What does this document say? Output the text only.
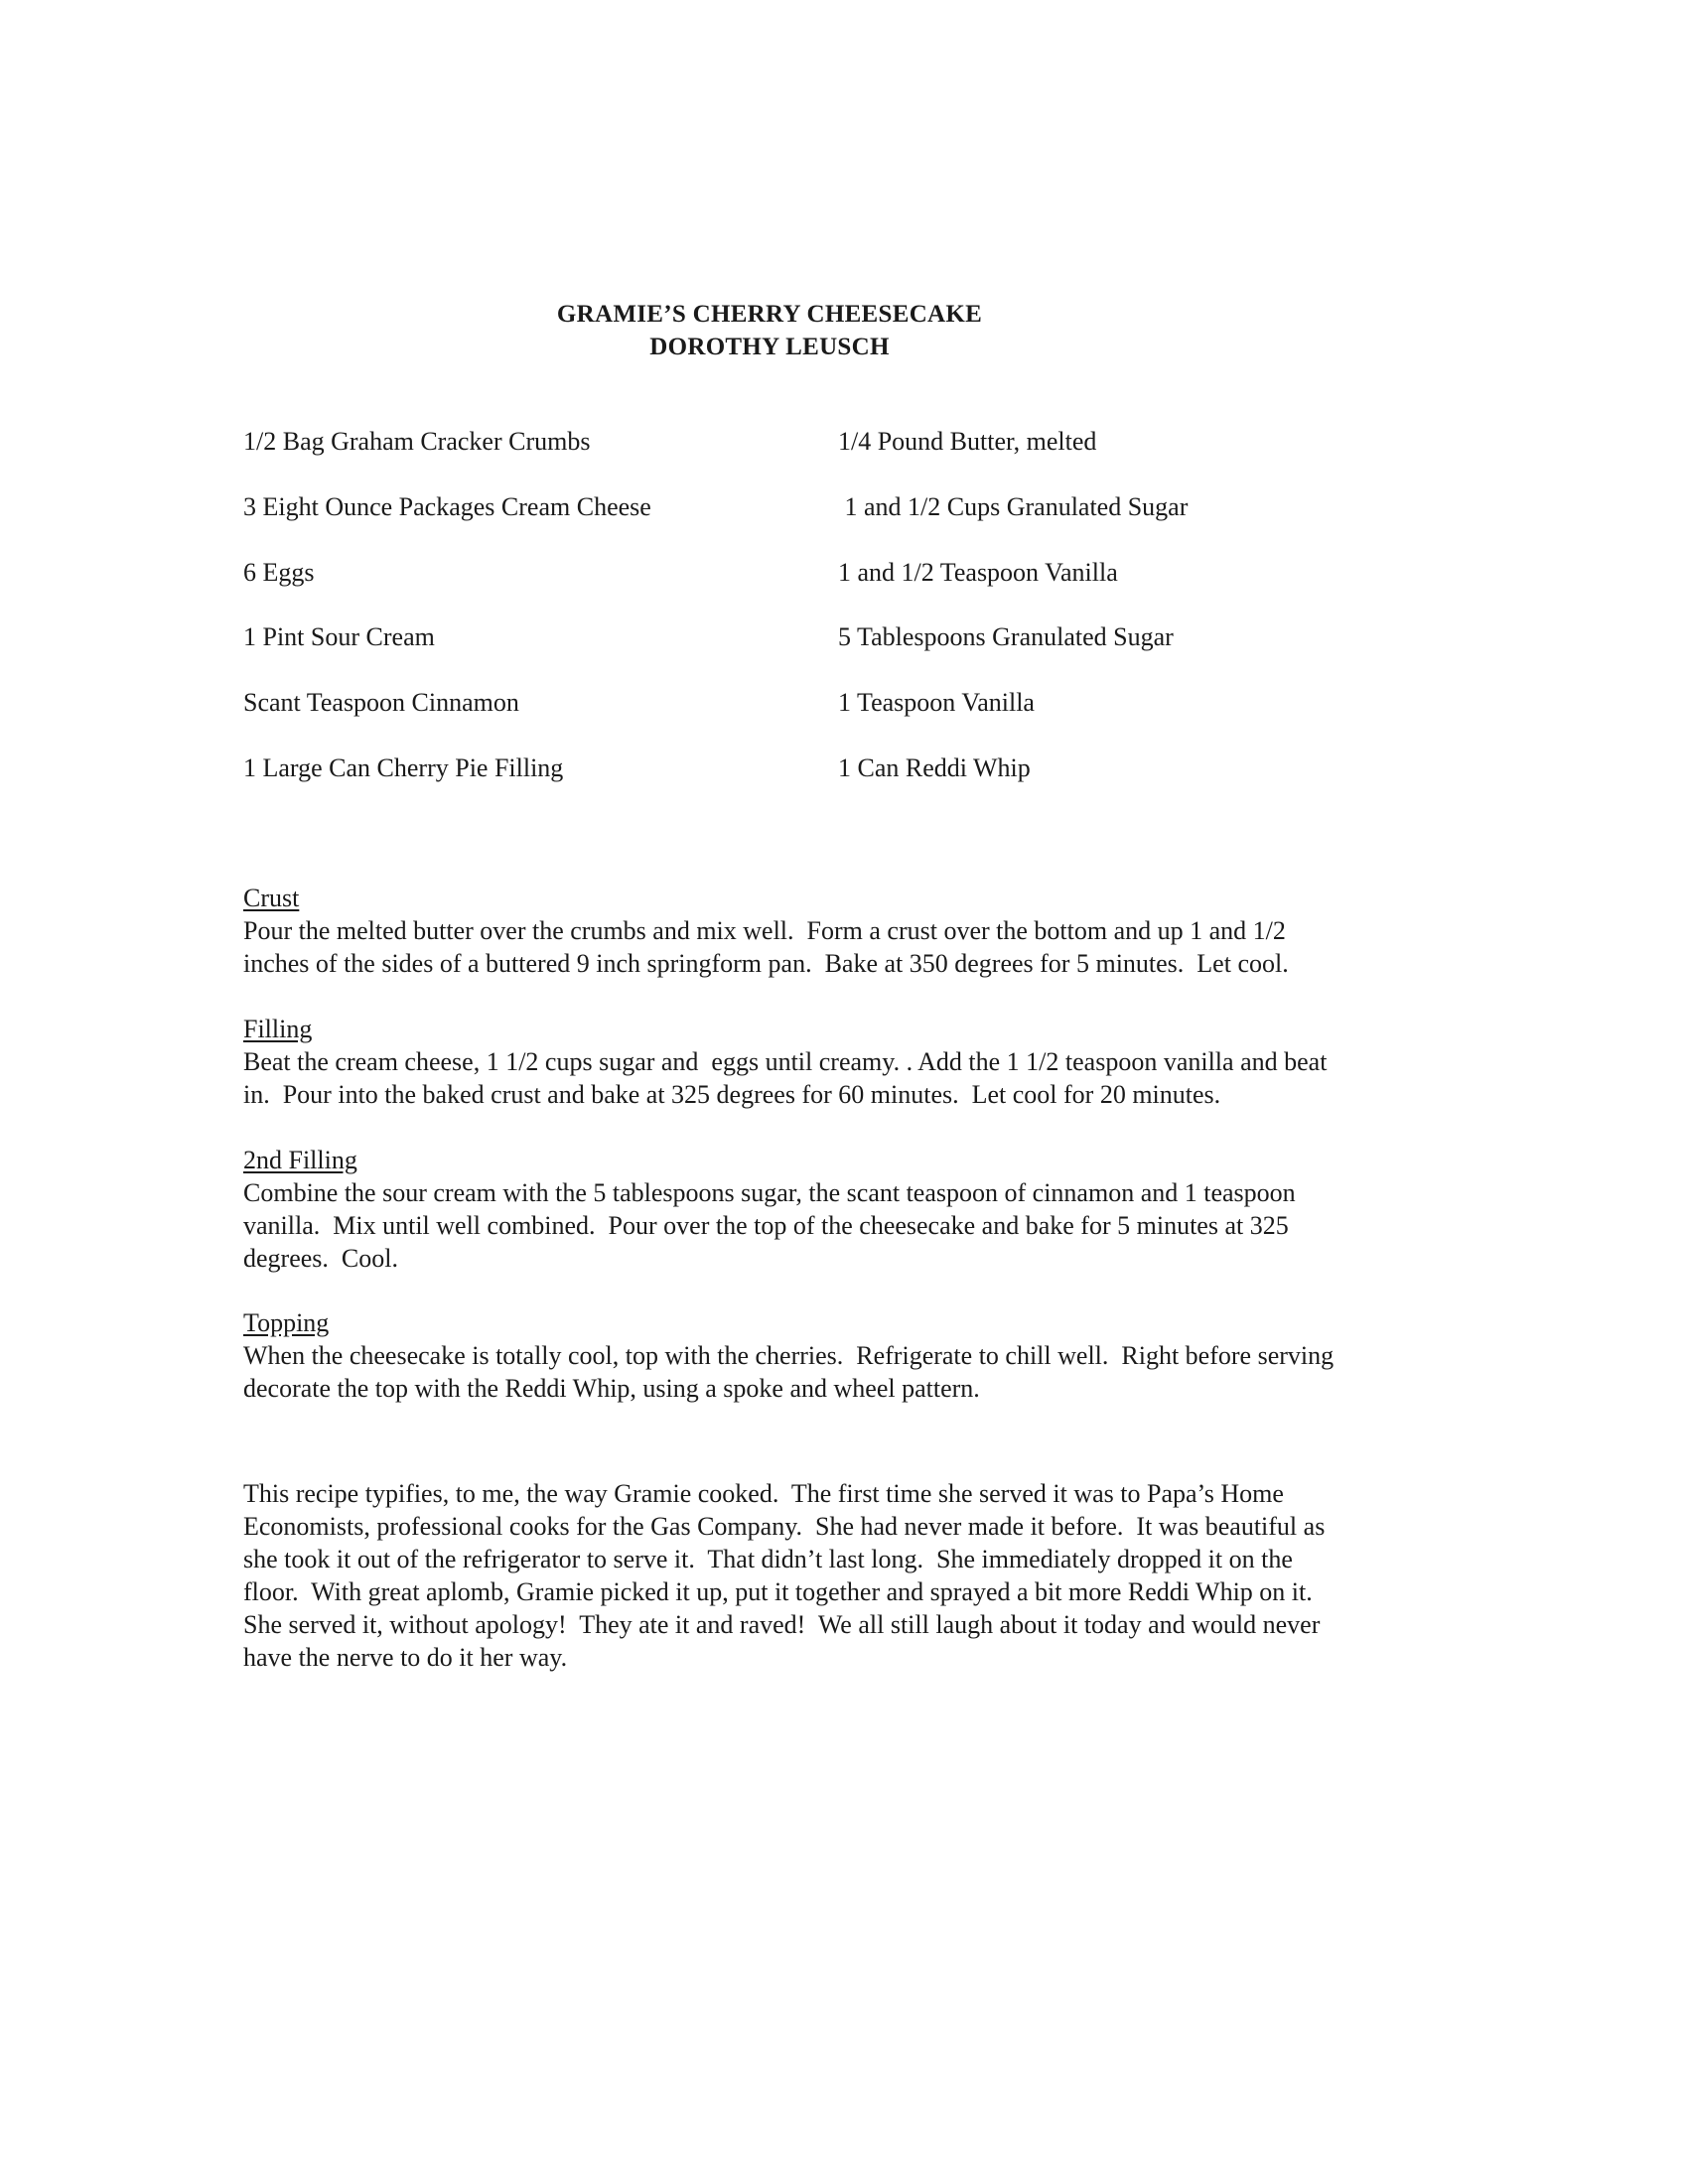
GRAMIE’S CHERRY CHEESECAKE
DOROTHY LEUSCH
1/2 Bag Graham Cracker Crumbs	1/4 Pound Butter, melted
3 Eight Ounce Packages Cream Cheese	1 and 1/2 Cups Granulated Sugar
6 Eggs	1 and 1/2 Teaspoon Vanilla
1 Pint Sour Cream	5 Tablespoons Granulated Sugar
Scant Teaspoon Cinnamon	1 Teaspoon Vanilla
1 Large Can Cherry Pie Filling	1 Can Reddi Whip
Crust
Pour the melted butter over the crumbs and mix well.  Form a crust over the bottom and up 1 and 1/2
inches of the sides of a buttered 9 inch springform pan.  Bake at 350 degrees for 5 minutes.  Let cool.
Filling
Beat the cream cheese, 1 1/2 cups sugar and  eggs until creamy. . Add the 1 1/2 teaspoon vanilla and beat
in.  Pour into the baked crust and bake at 325 degrees for 60 minutes.  Let cool for 20 minutes.
2nd Filling
Combine the sour cream with the 5 tablespoons sugar, the scant teaspoon of cinnamon and 1 teaspoon
vanilla.  Mix until well combined.  Pour over the top of the cheesecake and bake for 5 minutes at 325
degrees.  Cool.
Topping
When the cheesecake is totally cool, top with the cherries.  Refrigerate to chill well.  Right before serving
decorate the top with the Reddi Whip, using a spoke and wheel pattern.
This recipe typifies, to me, the way Gramie cooked.  The first time she served it was to Papa’s Home
Economists, professional cooks for the Gas Company.  She had never made it before.  It was beautiful as
she took it out of the refrigerator to serve it.  That didn’t last long.  She immediately dropped it on the
floor.  With great aplomb, Gramie picked it up, put it together and sprayed a bit more Reddi Whip on it.
She served it, without apology!  They ate it and raved!  We all still laugh about it today and would never
have the nerve to do it her way.
